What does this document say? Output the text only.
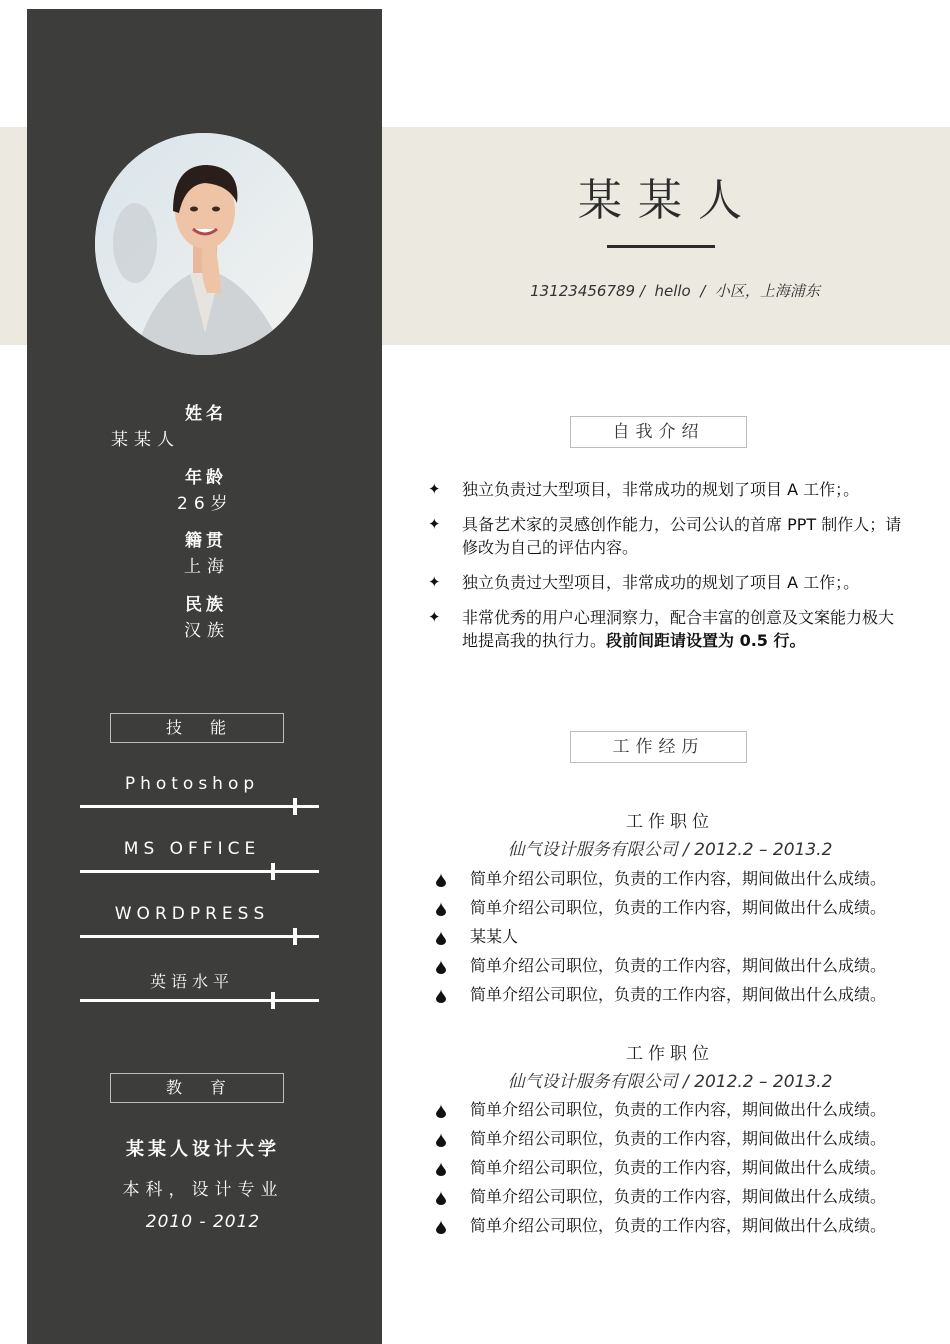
姓名
某某人
年龄
26岁
籍贯
上海
民族
汉族
技 能
Photoshop
MS OFFICE
WORDPRESS
英语水平
教 育
某某人设计大学
本科，设计专业
2010 - 2012
某某人
13123456789 /  hello  /  小区，上海浦东
自我介绍
✦ 独立负责过大型项目，非常成功的规划了项目 A 工作；。
✦ 具备艺术家的灵感创作能力，公司公认的首席 PPT 制作人；请修改为自己的评估内容。
✦ 独立负责过大型项目，非常成功的规划了项目 A 工作；。
✦ 非常优秀的用户心理洞察力，配合丰富的创意及文案能力极大地提高我的执行力。段前间距请设置为 0.5 行。
工作经历
工作职位
仙气设计服务有限公司 / 2012.2 – 2013.2
简单介绍公司职位，负责的工作内容，期间做出什么成绩。
简单介绍公司职位，负责的工作内容，期间做出什么成绩。
某某人
简单介绍公司职位，负责的工作内容，期间做出什么成绩。
简单介绍公司职位，负责的工作内容，期间做出什么成绩。
工作职位
仙气设计服务有限公司 / 2012.2 – 2013.2
简单介绍公司职位，负责的工作内容，期间做出什么成绩。
简单介绍公司职位，负责的工作内容，期间做出什么成绩。
简单介绍公司职位，负责的工作内容，期间做出什么成绩。
简单介绍公司职位，负责的工作内容，期间做出什么成绩。
简单介绍公司职位，负责的工作内容，期间做出什么成绩。
